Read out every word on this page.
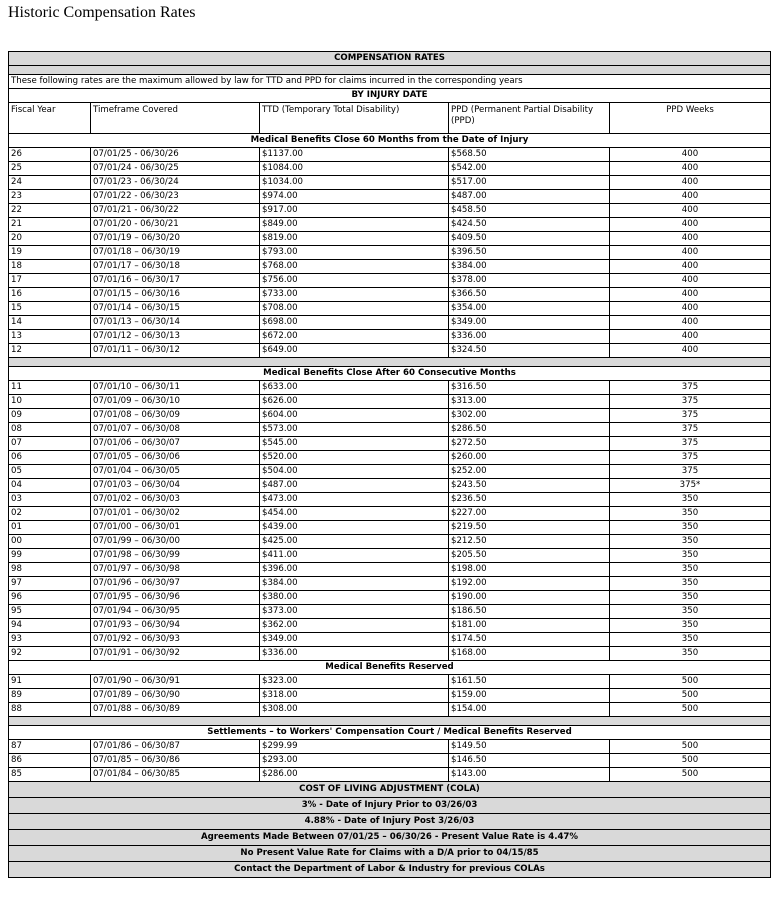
Historic Compensation Rates
COMPENSATION RATES				

These following rates are the maximum allowed by law for TTD and PPD for claims incurred in the corresponding years				
BY INJURY DATE				
Fiscal Year	Timeframe Covered	TTD (Temporary Total Disability)	PPD (Permanent Partial Disability (PPD)	PPD Weeks
Medical Benefits Close 60 Months from the Date of Injury				
26	07/01/25 - 06/30/26	$1137.00	$568.50	400
25	07/01/24 - 06/30/25	$1084.00	$542.00	400
24	07/01/23 - 06/30/24	$1034.00	$517.00	400
23	07/01/22 - 06/30/23	$974.00	$487.00	400
22	07/01/21 - 06/30/22	$917.00	$458.50	400
21	07/01/20 - 06/30/21	$849.00	$424.50	400
20	07/01/19 – 06/30/20	$819.00	$409.50	400
19	07/01/18 – 06/30/19	$793.00	$396.50	400
18	07/01/17 – 06/30/18	$768.00	$384.00	400
17	07/01/16 – 06/30/17	$756.00	$378.00	400
16	07/01/15 – 06/30/16	$733.00	$366.50	400
15	07/01/14 – 06/30/15	$708.00	$354.00	400
14	07/01/13 – 06/30/14	$698.00	$349.00	400
13	07/01/12 – 06/30/13	$672.00	$336.00	400
12	07/01/11 – 06/30/12	$649.00	$324.50	400

Medical Benefits Close After 60 Consecutive Months				
11	07/01/10 – 06/30/11	$633.00	$316.50	375
10	07/01/09 – 06/30/10	$626.00	$313.00	375
09	07/01/08 – 06/30/09	$604.00	$302.00	375
08	07/01/07 – 06/30/08	$573.00	$286.50	375
07	07/01/06 – 06/30/07	$545.00	$272.50	375
06	07/01/05 – 06/30/06	$520.00	$260.00	375
05	07/01/04 – 06/30/05	$504.00	$252.00	375
04	07/01/03 – 06/30/04	$487.00	$243.50	375*
03	07/01/02 – 06/30/03	$473.00	$236.50	350
02	07/01/01 – 06/30/02	$454.00	$227.00	350
01	07/01/00 – 06/30/01	$439.00	$219.50	350
00	07/01/99 – 06/30/00	$425.00	$212.50	350
99	07/01/98 – 06/30/99	$411.00	$205.50	350
98	07/01/97 – 06/30/98	$396.00	$198.00	350
97	07/01/96 – 06/30/97	$384.00	$192.00	350
96	07/01/95 – 06/30/96	$380.00	$190.00	350
95	07/01/94 – 06/30/95	$373.00	$186.50	350
94	07/01/93 – 06/30/94	$362.00	$181.00	350
93	07/01/92 – 06/30/93	$349.00	$174.50	350
92	07/01/91 – 06/30/92	$336.00	$168.00	350
Medical Benefits Reserved				
91	07/01/90 – 06/30/91	$323.00	$161.50	500
89	07/01/89 – 06/30/90	$318.00	$159.00	500
88	07/01/88 – 06/30/89	$308.00	$154.00	500

Settlements – to Workers' Compensation Court / Medical Benefits Reserved				
87	07/01/86 – 06/30/87	$299.99	$149.50	500
86	07/01/85 – 06/30/86	$293.00	$146.50	500
85	07/01/84 – 06/30/85	$286.00	$143.00	500
COST OF LIVING ADJUSTMENT (COLA)				
3% - Date of Injury Prior to 03/26/03				
4.88% - Date of Injury Post 3/26/03				
Agreements Made Between 07/01/25 – 06/30/26 - Present Value Rate is 4.47%				
No Present Value Rate for Claims with a D/A prior to 04/15/85				
Contact the Department of Labor & Industry for previous COLAs				
